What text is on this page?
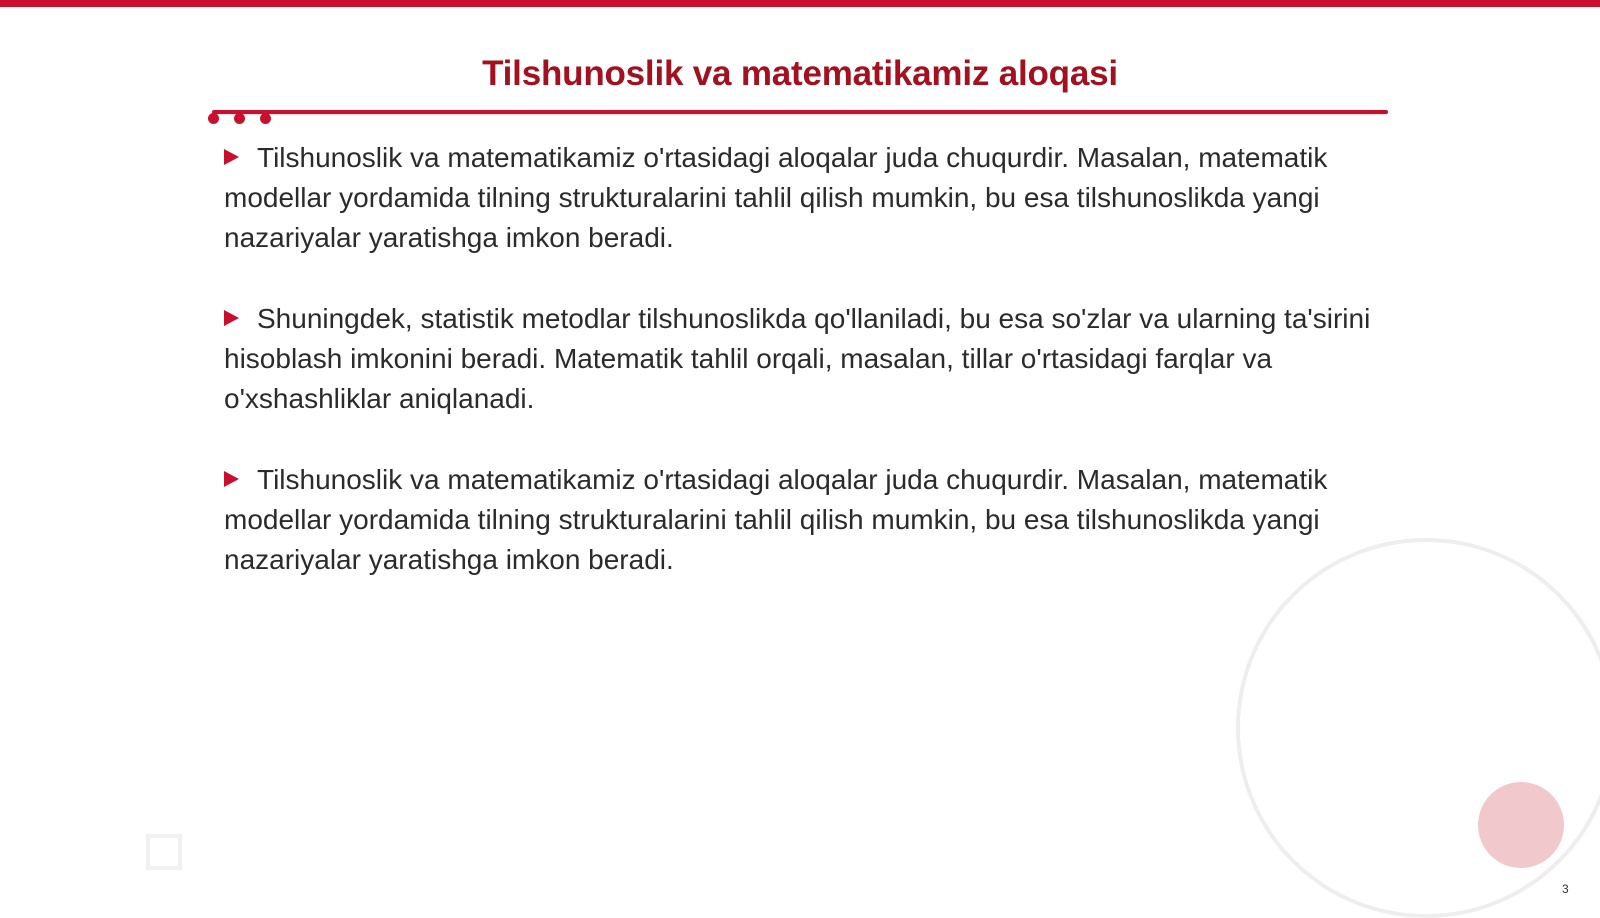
Tilshunoslik va matematikamiz aloqasi

Tilshunoslik va matematikamiz o'rtasidagi aloqalar juda chuqurdir. Masalan, matematik modellar yordamida tilning strukturalarini tahlil qilish mumkin, bu esa tilshunoslikda yangi nazariyalar yaratishga imkon beradi.

Shuningdek, statistik metodlar tilshunoslikda qo'llaniladi, bu esa so'zlar va ularning ta'sirini hisoblash imkonini beradi. Matematik tahlil orqali, masalan, tillar o'rtasidagi farqlar va o'xshashliklar aniqlanadi.

Tilshunoslik va matematikamiz o'rtasidagi aloqalar juda chuqurdir. Masalan, matematik modellar yordamida tilning strukturalarini tahlil qilish mumkin, bu esa tilshunoslikda yangi nazariyalar yaratishga imkon beradi.

3
